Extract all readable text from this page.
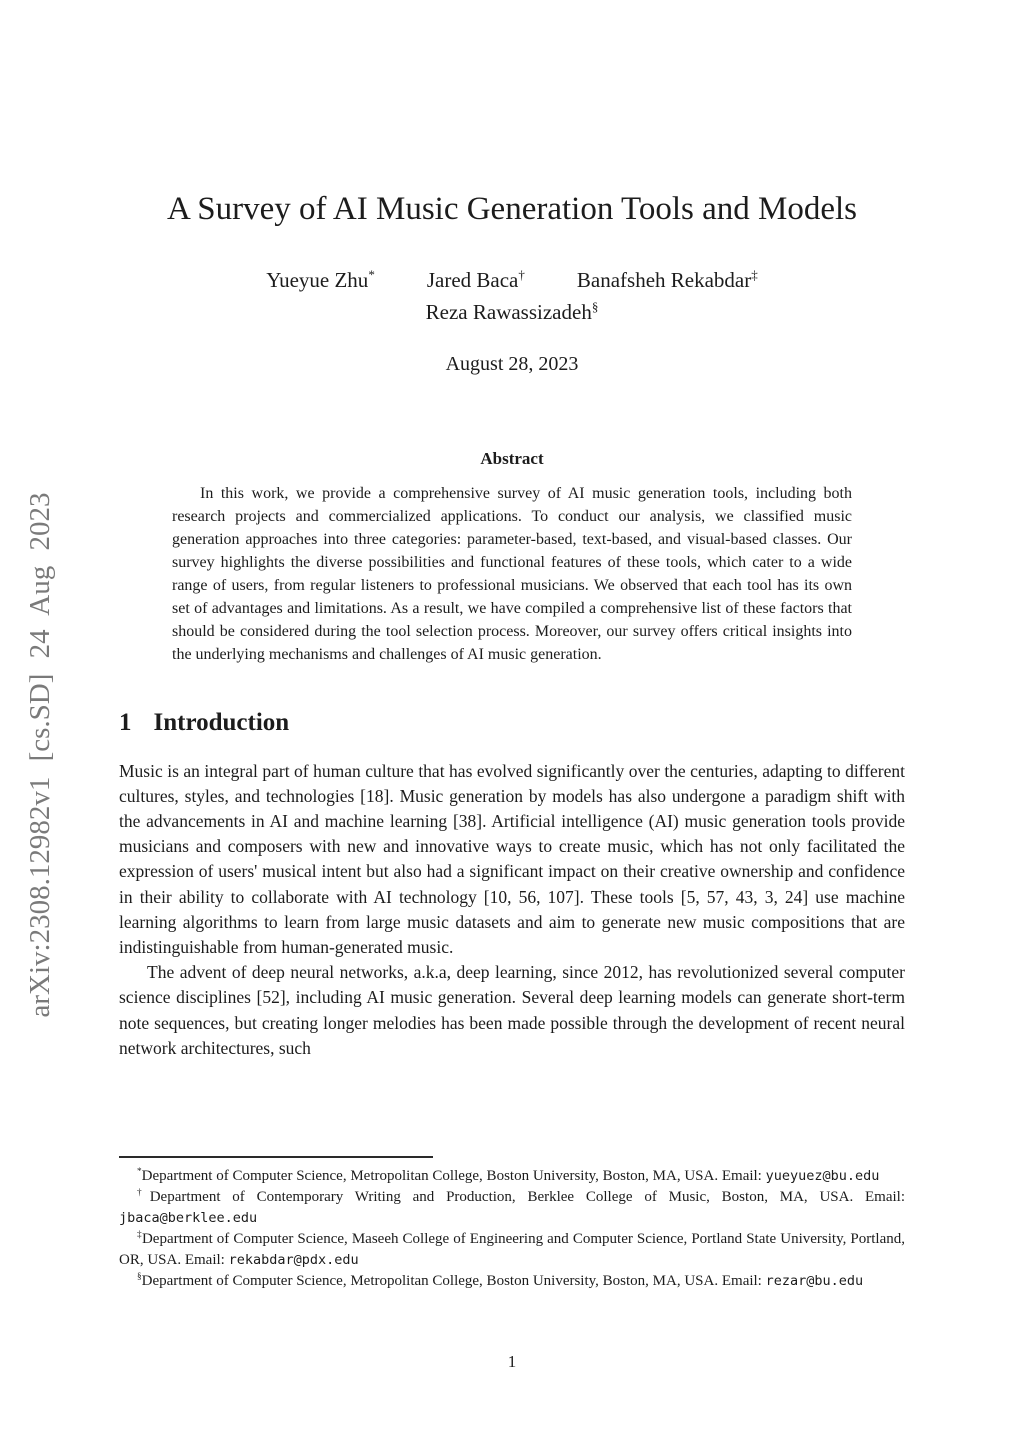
arXiv:2308.12982v1 [cs.SD] 24 Aug 2023
A Survey of AI Music Generation Tools and Models
Yueyue Zhu* Jared Baca† Banafsheh Rekabdar‡
Reza Rawassizadeh§
August 28, 2023
Abstract

In this work, we provide a comprehensive survey of AI music generation tools, including both research projects and commercialized applications. To conduct our analysis, we classified music generation approaches into three categories: parameter-based, text-based, and visual-based classes. Our survey highlights the diverse possibilities and functional features of these tools, which cater to a wide range of users, from regular listeners to professional musicians. We observed that each tool has its own set of advantages and limitations. As a result, we have compiled a comprehensive list of these factors that should be considered during the tool selection process. Moreover, our survey offers critical insights into the underlying mechanisms and challenges of AI music generation.

1 Introduction

Music is an integral part of human culture that has evolved significantly over the centuries, adapting to different cultures, styles, and technologies [18]. Music generation by models has also undergone a paradigm shift with the advancements in AI and machine learning [38]. Artificial intelligence (AI) music generation tools provide musicians and composers with new and innovative ways to create music, which has not only facilitated the expression of users' musical intent but also had a significant impact on their creative ownership and confidence in their ability to collaborate with AI technology [10, 56, 107]. These tools [5, 57, 43, 3, 24] use machine learning algorithms to learn from large music datasets and aim to generate new music compositions that are indistinguishable from human-generated music.

The advent of deep neural networks, a.k.a, deep learning, since 2012, has revolutionized several computer science disciplines [52], including AI music generation. Several deep learning models can generate short-term note sequences, but creating longer melodies has been made possible through the development of recent neural network architectures, such

*Department of Computer Science, Metropolitan College, Boston University, Boston, MA, USA. Email: yueyuez@bu.edu

†Department of Contemporary Writing and Production, Berklee College of Music, Boston, MA, USA. Email: jbaca@berklee.edu

‡Department of Computer Science, Maseeh College of Engineering and Computer Science, Portland State University, Portland, OR, USA. Email: rekabdar@pdx.edu

§Department of Computer Science, Metropolitan College, Boston University, Boston, MA, USA. Email: rezar@bu.edu

1
